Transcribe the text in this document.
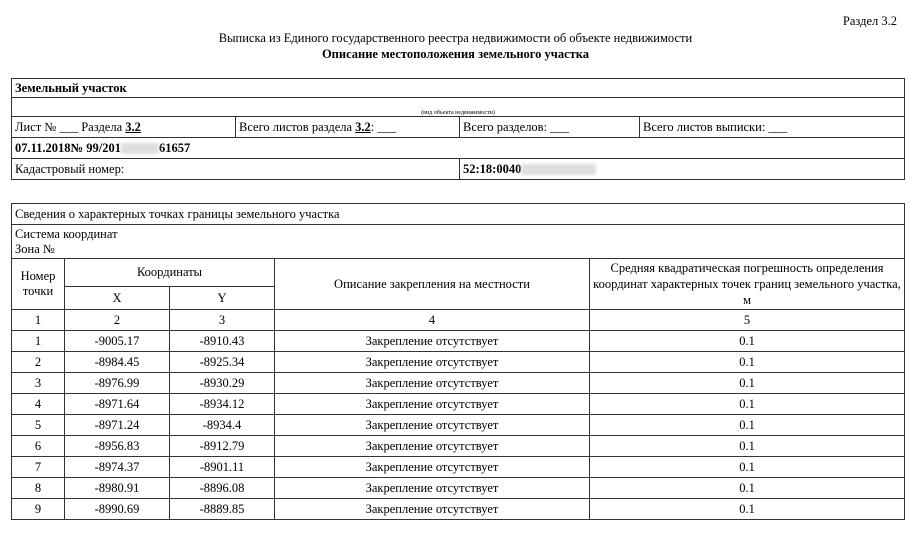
Раздел 3.2
Выписка из Единого государственного реестра недвижимости об объекте недвижимости
Описание местоположения земельного участка
Земельный участок			
(вид объекта недвижимости)			
Лист № ___ Раздела 3.2	Всего листов раздела 3.2: ___	Всего разделов: ___	Всего листов выписки: ___
07.11.2018№ 99/201 61657			
Кадастровый номер:		52:18:0040	
Сведения о характерных точках границы земельного участка				

Система координат
Зона №				

Номер точки	Координаты		Описание закрепления на местности	Средняя квадратическая погрешность определения координат характерных точек границ земельного участка, м
	X	Y		
1	2	3	4	5
1	-9005.17	-8910.43	Закрепление отсутствует	0.1
2	-8984.45	-8925.34	Закрепление отсутствует	0.1
3	-8976.99	-8930.29	Закрепление отсутствует	0.1
4	-8971.64	-8934.12	Закрепление отсутствует	0.1
5	-8971.24	-8934.4	Закрепление отсутствует	0.1
6	-8956.83	-8912.79	Закрепление отсутствует	0.1
7	-8974.37	-8901.11	Закрепление отсутствует	0.1
8	-8980.91	-8896.08	Закрепление отсутствует	0.1
9	-8990.69	-8889.85	Закрепление отсутствует	0.1
